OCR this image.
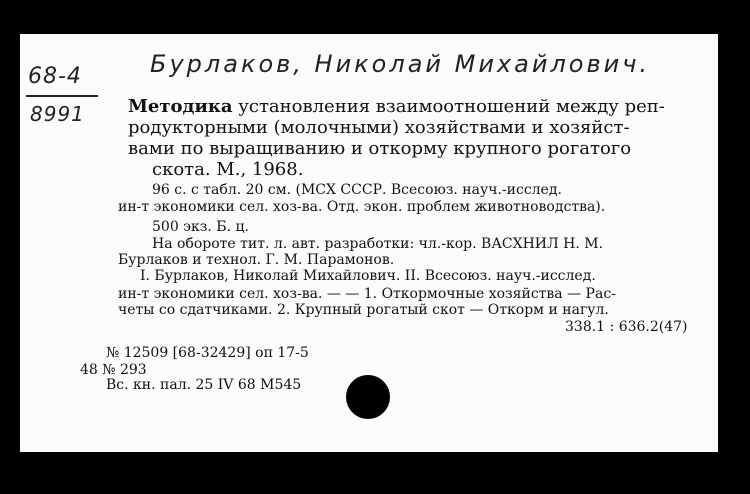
68-4
8991
Бурлаков, Николай Михайлович.
Методика установления взаимоотношений между реп-
родукторными (молочными) хозяйствами и хозяйст-
вами по выращиванию и откорму крупного рогатого
скота. М., 1968.
96 с. с табл. 20 см. (МСХ СССР. Всесоюз. науч.-исслед.
ин-т экономики сел. хоз-ва. Отд. экон. проблем животноводства).
500 экз. Б. ц.
На обороте тит. л. авт. разработки: чл.-кор. ВАСХНИЛ Н. М.
Бурлаков и технол. Г. М. Парамонов.
I. Бурлаков, Николай Михайлович. II. Всесоюз. науч.-исслед.
ин-т экономики сел. хоз-ва. — — 1. Откормочные хозяйства — Рас-
четы со сдатчиками. 2. Крупный рогатый скот — Откорм и нагул.
338.1 : 636.2(47)
№ 12509 [68-32429] оп 17-5
48 № 293
Вс. кн. пал. 25 IV 68 М545
